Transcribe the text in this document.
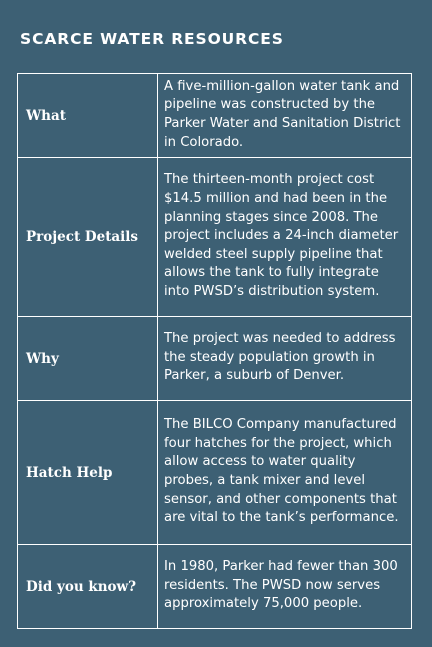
SCARCE WATER RESOURCES
What	A five-million-gallon water tank and pipeline was constructed by the Parker Water and Sanitation District in Colorado.
Project Details	The thirteen-month project cost $14.5 million and had been in the planning stages since 2008. The project includes a 24-inch diameter welded steel supply pipeline that allows the tank to fully integrate into PWSD’s distribution system.
Why	The project was needed to address the steady population growth in Parker, a suburb of Denver.
Hatch Help	The BILCO Company manufactured four hatches for the project, which allow access to water quality probes, a tank mixer and level sensor, and other components that are vital to the tank’s performance.
Did you know?	In 1980, Parker had fewer than 300 residents. The PWSD now serves approximately 75,000 people.
